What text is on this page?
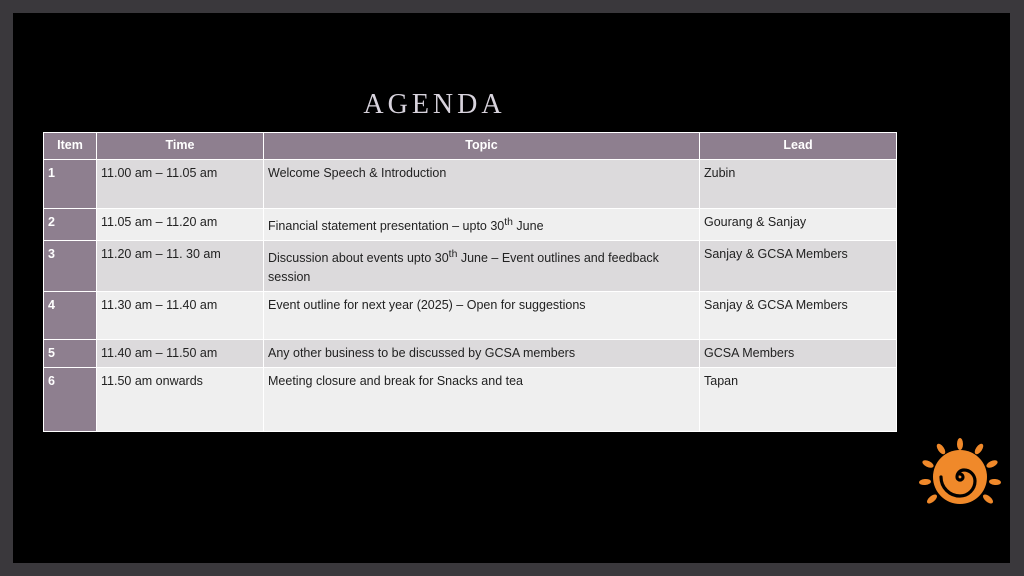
AGENDA
Item	Time	Topic	Lead
1	11.00 am – 11.05 am	Welcome Speech & Introduction	Zubin
2	11.05 am – 11.20 am	Financial statement presentation – upto 30th June	Gourang & Sanjay
3	11.20 am – 11. 30 am	Discussion about events upto 30th June – Event outlines and feedback session	Sanjay & GCSA Members
4	11.30 am – 11.40 am	Event outline for next year (2025) – Open for suggestions	Sanjay & GCSA Members
5	11.40 am – 11.50 am	Any other business to be discussed by GCSA members	GCSA Members
6	11.50 am onwards	Meeting closure and break for Snacks and tea	Tapan
